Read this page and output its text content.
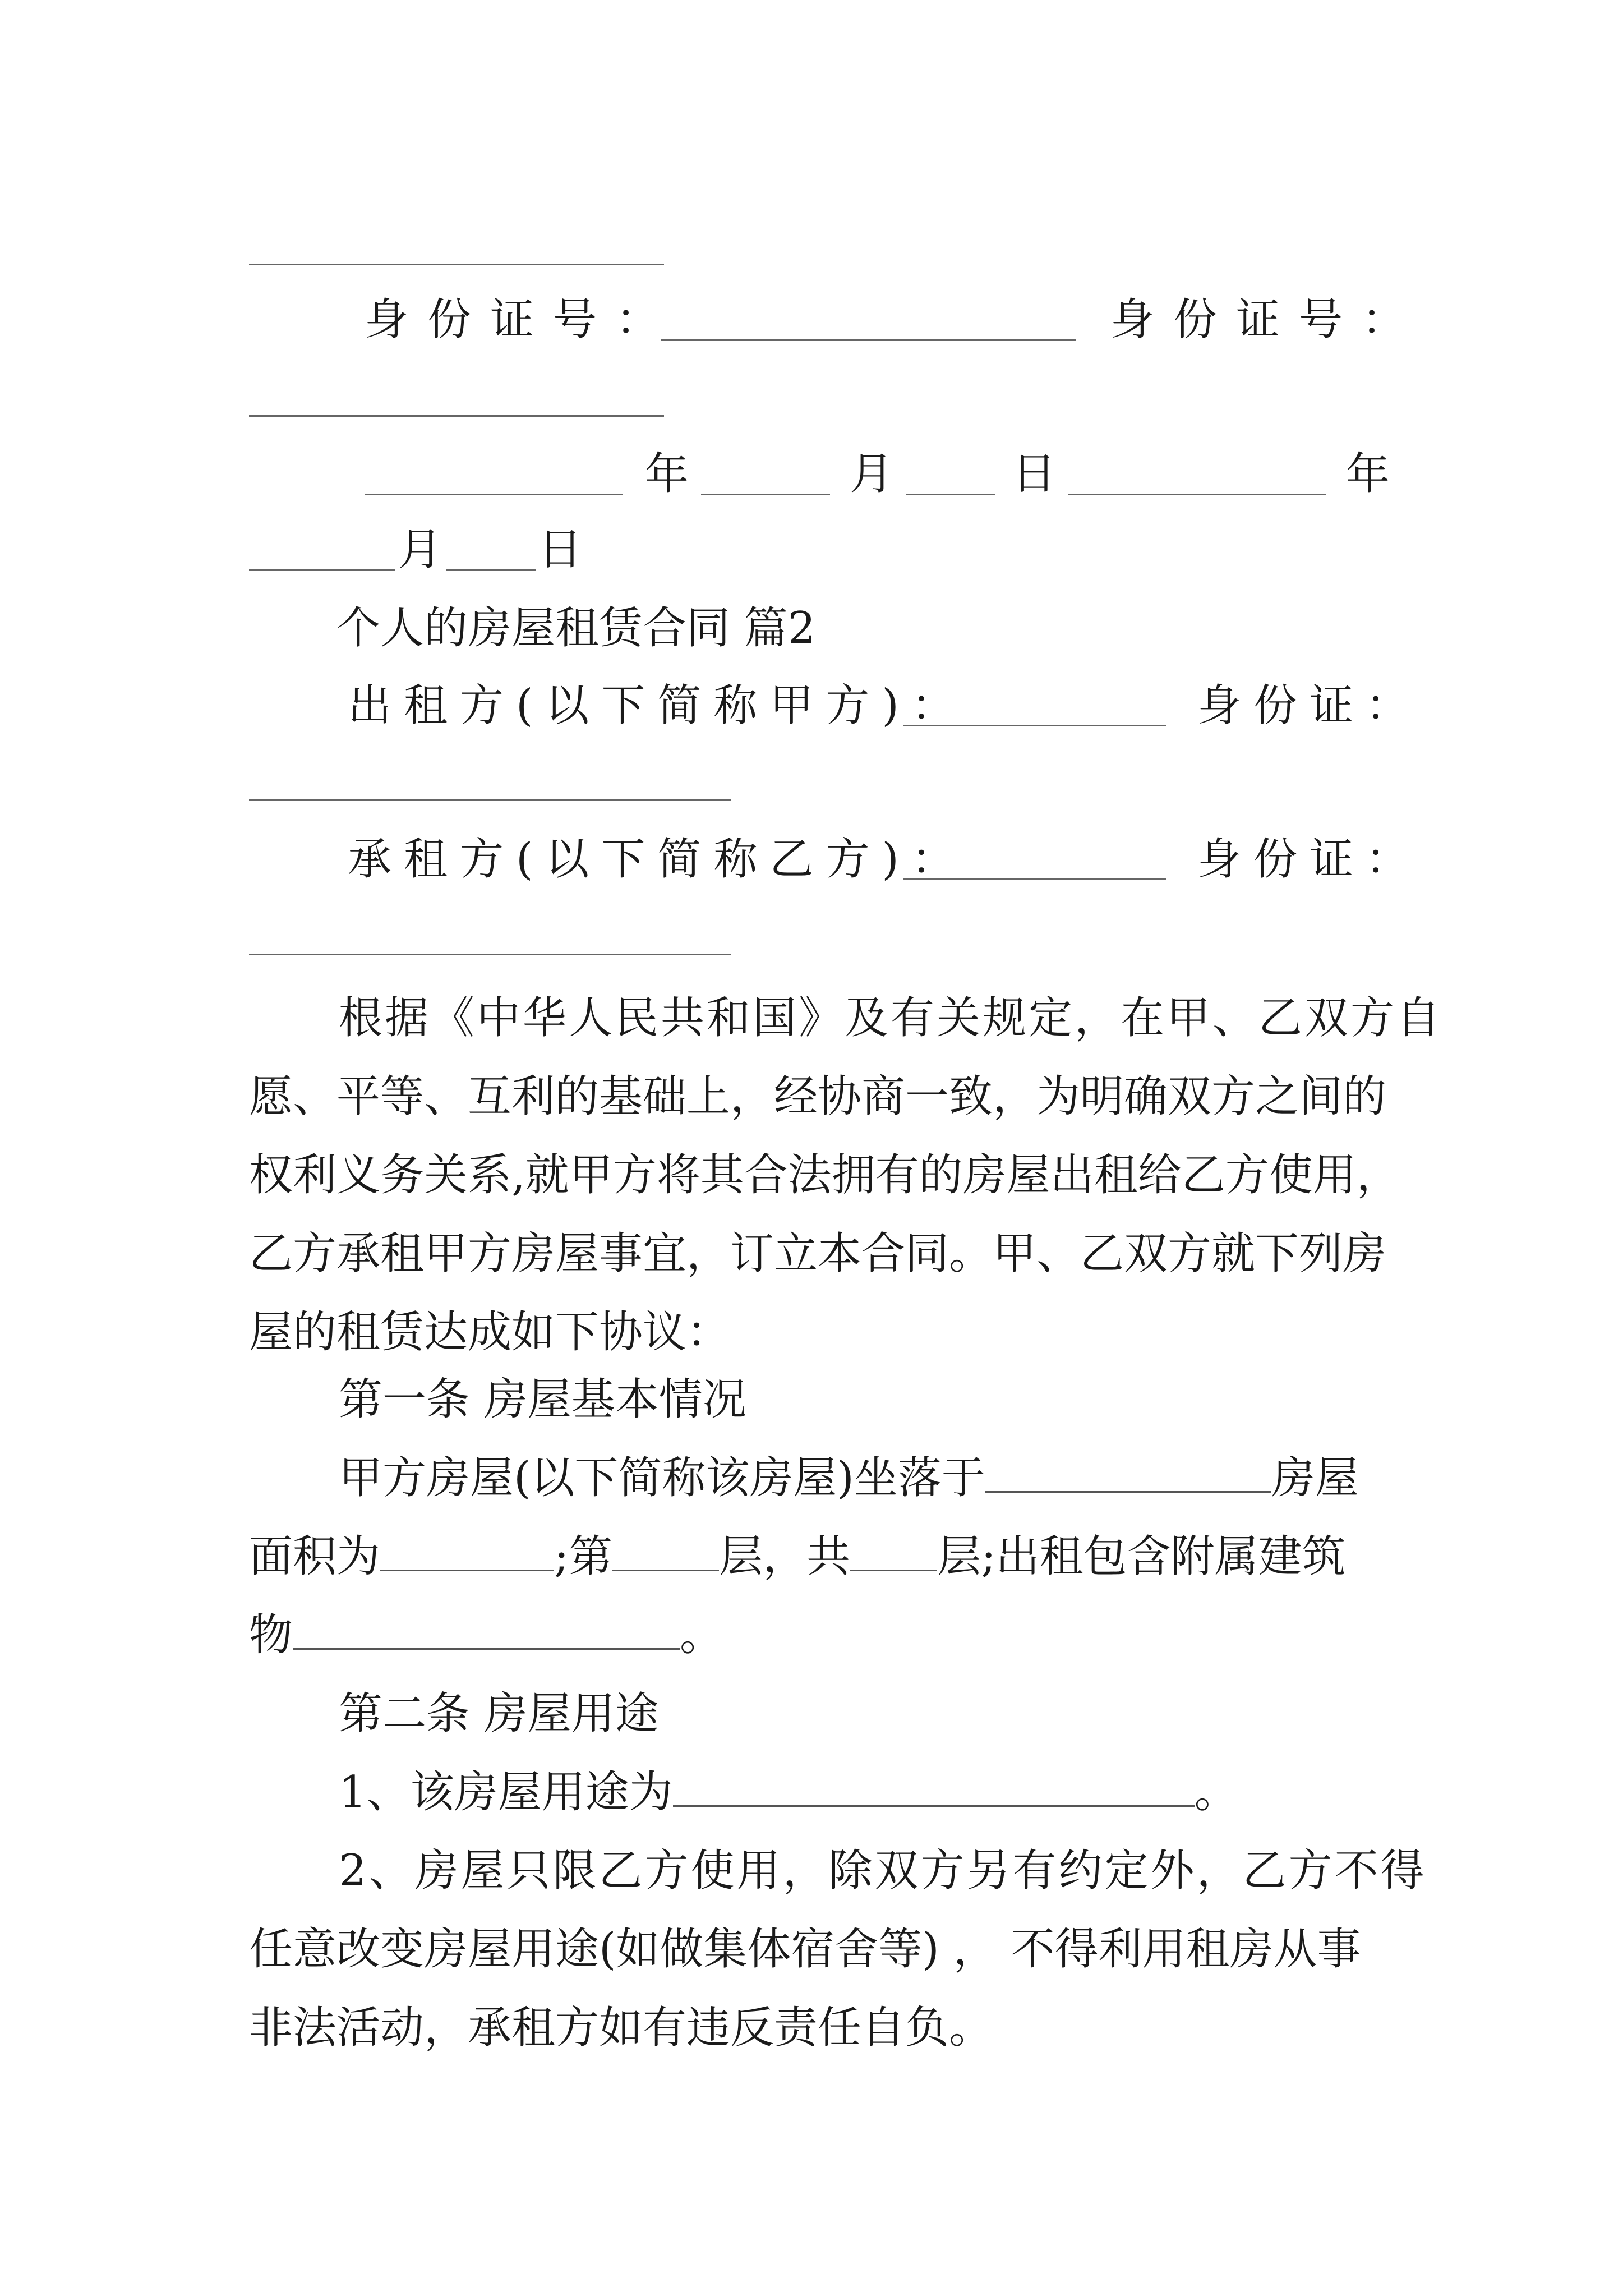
身份证号：	身份证号：
年	月	日	年
月 日
个人的房屋租赁合同 篇2
出租方(以下简称甲方)：	身份证：
承租方(以下简称乙方)：	身份证：
根据《中华人民共和国》及有关规定，在甲、乙双方自
愿、平等、互利的基础上，经协商一致，为明确双方之间的
权利义务关系,就甲方将其合法拥有的房屋出租给乙方使用，
乙方承租甲方房屋事宜，订立本合同。甲、乙双方就下列房
屋的租赁达成如下协议：
第一条 房屋基本情况
甲方房屋(以下简称该房屋)坐落于	房屋
面积为	;第 层，共 层;出租包含附属建筑
物	。
第二条 房屋用途
1、该房屋用途为	。
2、房屋只限乙方使用，除双方另有约定外，乙方不得
任意改变房屋用途(如做集体宿舍等) ， 不得利用租房从事
非法活动，承租方如有违反责任自负。
